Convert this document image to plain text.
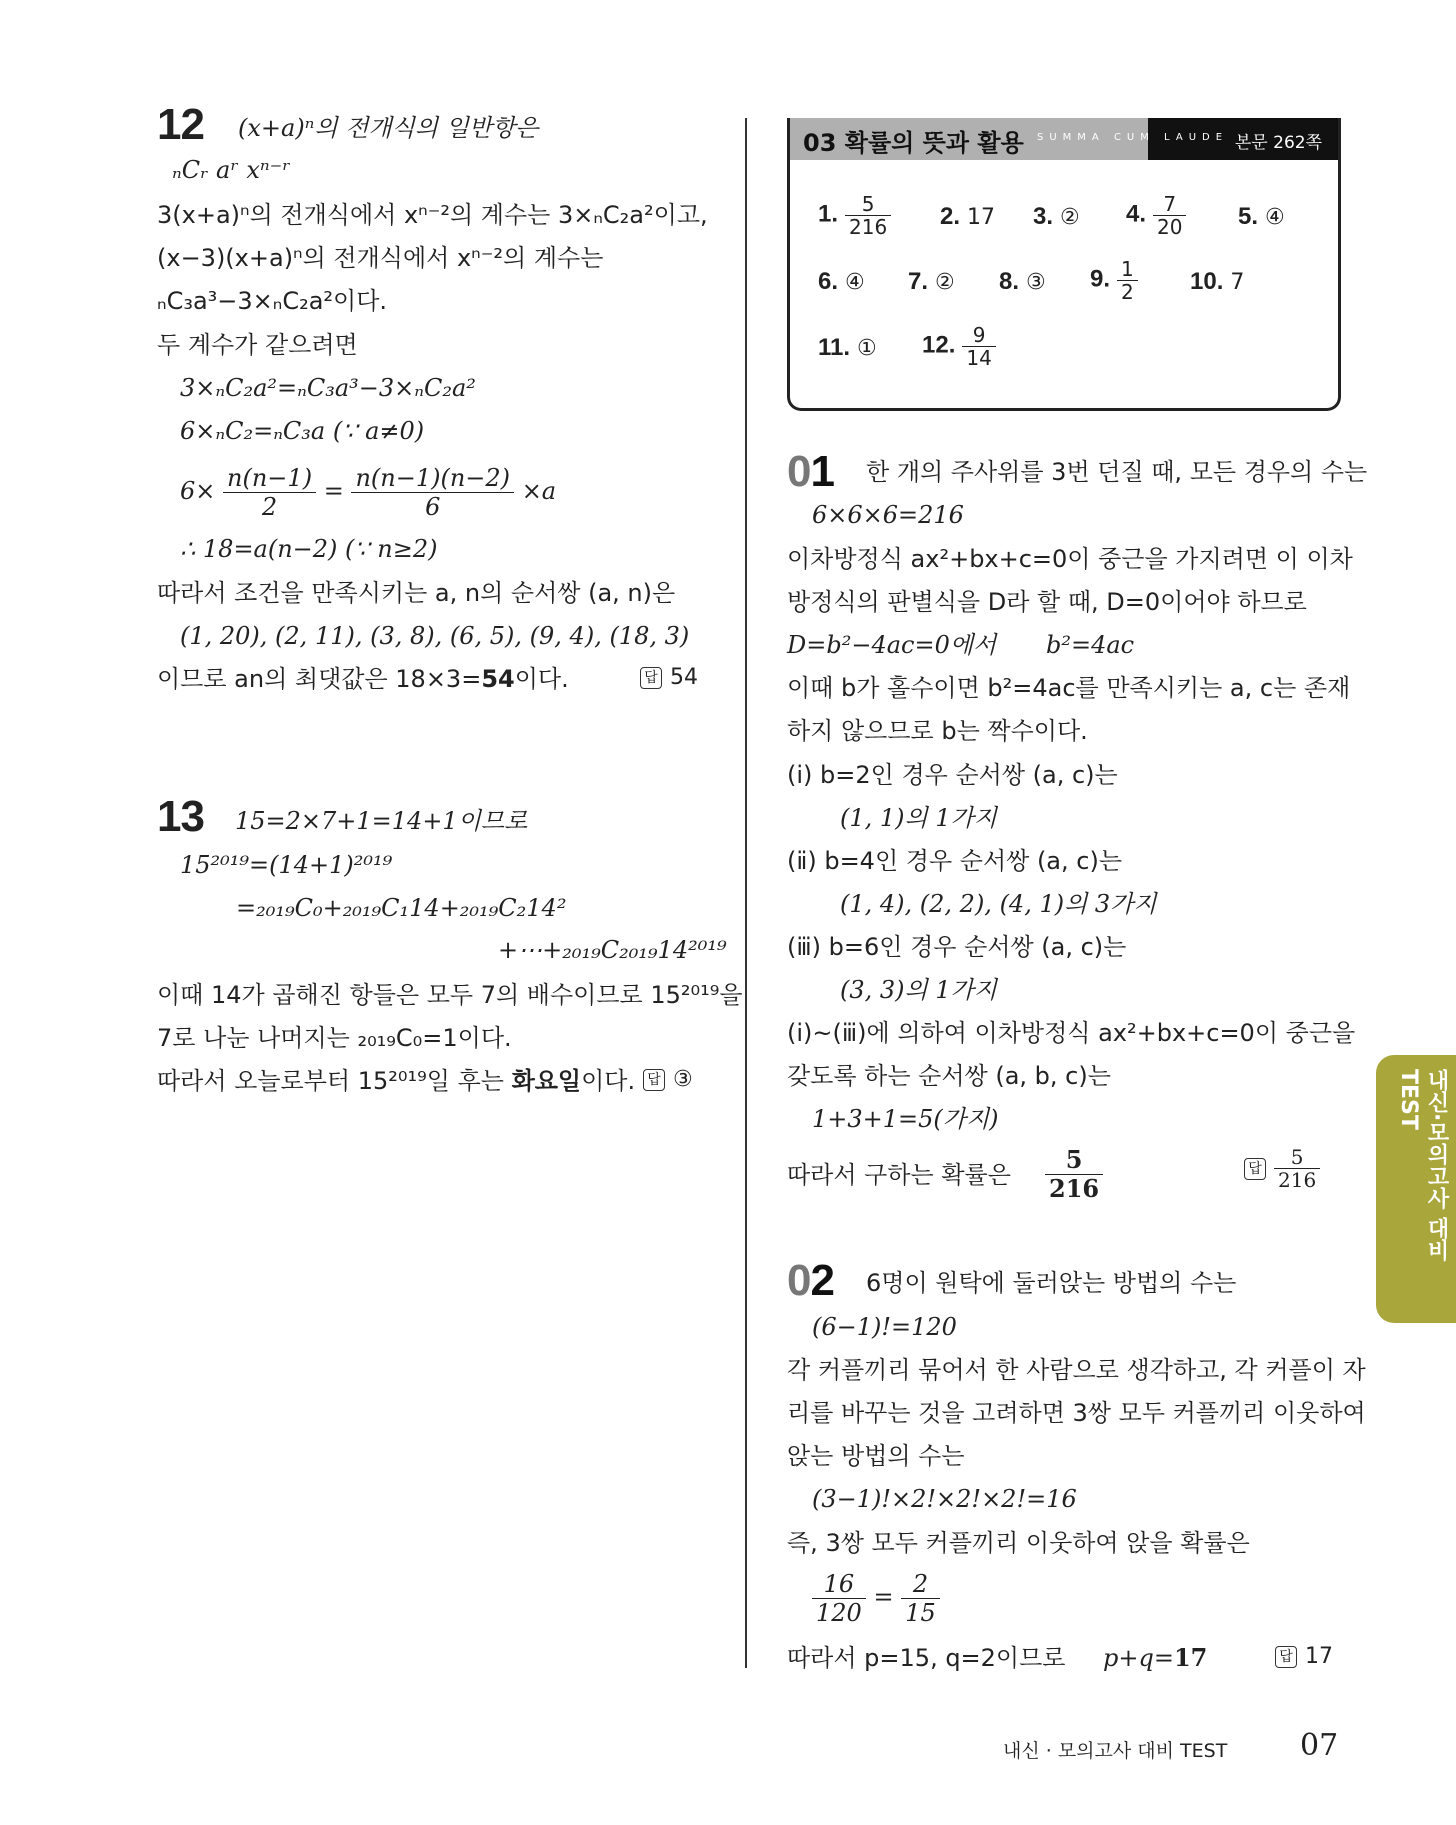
12 (x+a)ⁿ의 전개식의 일반항은
ₙCᵣ aʳ xⁿ⁻ʳ
3(x+a)ⁿ의 전개식에서 xⁿ⁻²의 계수는 3×ₙC₂a²이고,
(x−3)(x+a)ⁿ의 전개식에서 xⁿ⁻²의 계수는
ₙC₃a³−3×ₙC₂a²이다.
두 계수가 같으려면
3×ₙC₂a²=ₙC₃a³−3×ₙC₂a²
6×ₙC₂=ₙC₃a (∵ a≠0)
$6\times \frac{n(n-1)}{2} = \frac{n(n-1)(n-2)}{6} \times a$
∴ 18=a(n−2) (∵ n≥2)
따라서 조건을 만족시키는 a, n의 순서쌍 (a, n)은
(1, 20), (2, 11), (3, 8), (6, 5), (9, 4), (18, 3)
이므로 an의 최댓값은 18×3=54이다.	답 54
13 15=2×7+1=14+1이므로
15²⁰¹⁹=(14+1)²⁰¹⁹
=₂₀₁₉C₀+₂₀₁₉C₁14+₂₀₁₉C₂14²
+⋯+₂₀₁₉C₂₀₁₉14²⁰¹⁹
이때 14가 곱해진 항들은 모두 7의 배수이므로 15²⁰¹⁹을
7로 나눈 나머지는 ₂₀₁₉C₀=1이다.
따라서 오늘로부터 15²⁰¹⁹일 후는 화요일이다. 답 ③
03 확률의 뜻과 활용 SUMMA CUM LAUDE 본문 262쪽
1. $\frac{5}{216} 2$. 17 3. ② 4. $\frac{7}{20} 5$. ④
6. ④ 7. ② 8. ③ 9. $\frac{1}{2} 10$. 7
11. ① 12. $\frac{9}{14}$
01 한 개의 주사위를 3번 던질 때, 모든 경우의 수는
6×6×6=216
이차방정식 ax²+bx+c=0이 중근을 가지려면 이 이차
방정식의 판별식을 D라 할 때, D=0이어야 하므로
D=b²−4ac=0에서 b²=4ac
이때 b가 홀수이면 b²=4ac를 만족시키는 a, c는 존재
하지 않으므로 b는 짝수이다.
(ⅰ) b=2인 경우 순서쌍 (a, c)는
(1, 1)의 1가지
(ⅱ) b=4인 경우 순서쌍 (a, c)는
(1, 4), (2, 2), (4, 1)의 3가지
(ⅲ) b=6인 경우 순서쌍 (a, c)는
(3, 3)의 1가지
(ⅰ)~(ⅲ)에 의하여 이차방정식 ax²+bx+c=0이 중근을
갖도록 하는 순서쌍 (a, b, c)는
1+3+1=5(가지)
따라서 구하는 확률은 $\frac{5}{216}$	답 $\frac{5}{216}$
02 6명이 원탁에 둘러앉는 방법의 수는
(6−1)!=120
각 커플끼리 묶어서 한 사람으로 생각하고, 각 커플이 자
리를 바꾸는 것을 고려하면 3쌍 모두 커플끼리 이웃하여
앉는 방법의 수는
(3−1)!×2!×2!×2!=16
즉, 3쌍 모두 커플끼리 이웃하여 앉을 확률은
$\frac{16}{120} = \frac{2}{15}$
따라서 p=15, q=2이므로 p+q=17	답 17
내신·모의고사 대비 TEST
내신 · 모의고사 대비 TEST 07
